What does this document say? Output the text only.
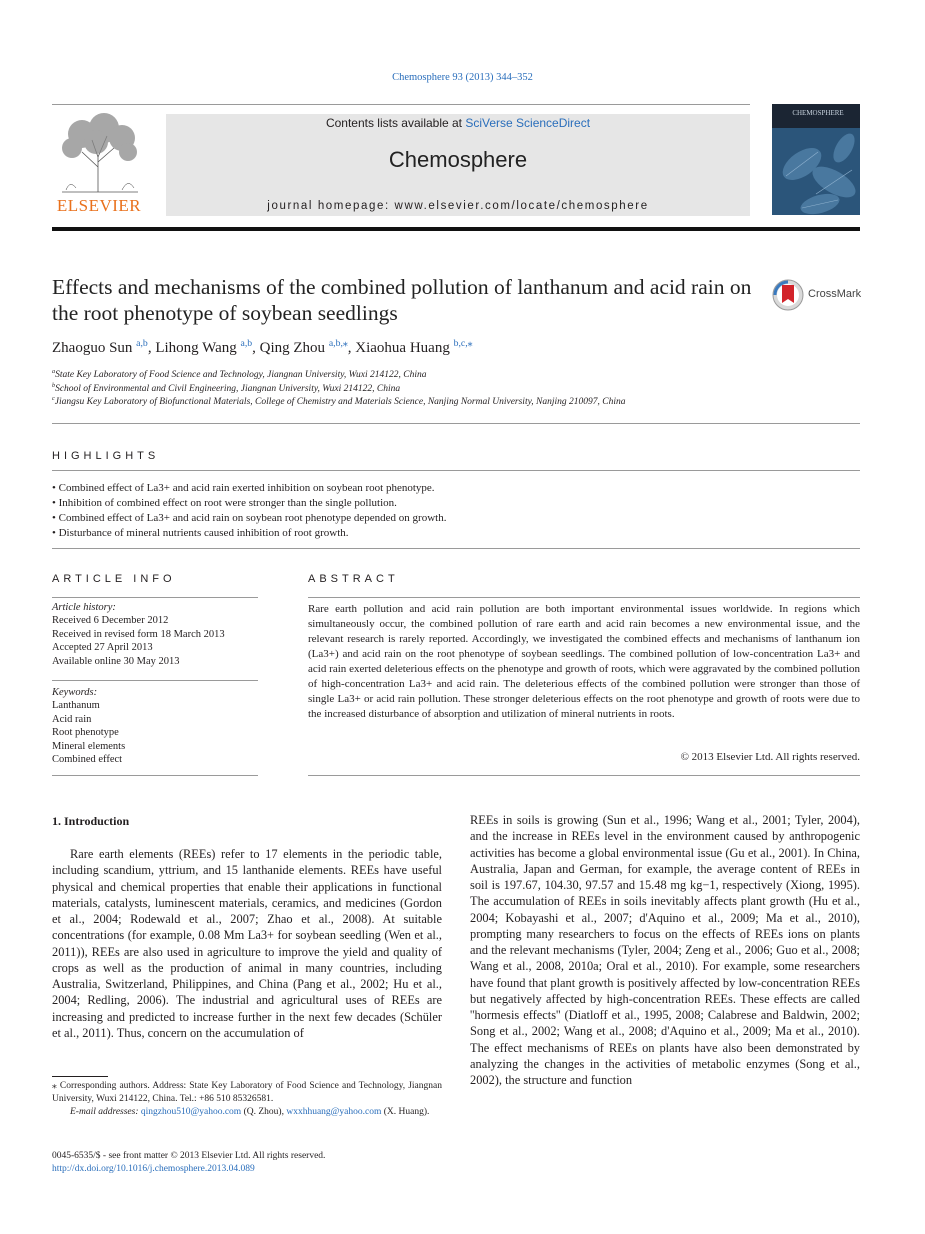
Chemosphere 93 (2013) 344–352
ELSEVIER
Contents lists available at SciVerse ScienceDirect
Chemosphere
journal homepage: www.elsevier.com/locate/chemosphere
CHEMOSPHERE
Effects and mechanisms of the combined pollution of lanthanum and acid rain on the root phenotype of soybean seedlings
CrossMark
Zhaoguo Sun $^{a,b}$, Lihong Wang $^{a,b}$, Qing Zhou $^{a,b,⁎}$, Xiaohua Huang $^{b,c,⁎}$
$^a$State Key Laboratory of Food Science and Technology, Jiangnan University, Wuxi 214122, China
$^b$School of Environmental and Civil Engineering, Jiangnan University, Wuxi 214122, China
$^c$Jiangsu Key Laboratory of Biofunctional Materials, College of Chemistry and Materials Science, Nanjing Normal University, Nanjing 210097, China
HIGHLIGHTS
• Combined effect of La3+ and acid rain exerted inhibition on soybean root phenotype.
• Inhibition of combined effect on root were stronger than the single pollution.
• Combined effect of La3+ and acid rain on soybean root phenotype depended on growth.
• Disturbance of mineral nutrients caused inhibition of root growth.
ARTICLE INFO
Article history:
Received 6 December 2012
Received in revised form 18 March 2013
Accepted 27 April 2013
Available online 30 May 2013
Keywords:
Lanthanum
Acid rain
Root phenotype
Mineral elements
Combined effect
ABSTRACT
Rare earth pollution and acid rain pollution are both important environmental issues worldwide. In regions which simultaneously occur, the combined pollution of rare earth and acid rain becomes a new environmental issue, and the relevant research is rarely reported. Accordingly, we investigated the combined effects and mechanisms of lanthanum ion (La3+) and acid rain on the root phenotype of soybean seedlings. The combined pollution of low-concentration La3+ and acid rain exerted deleterious effects on the phenotype and growth of roots, which were aggravated by the combined pollution of high-concentration La3+ and acid rain. The deleterious effects of the combined pollution were stronger than those of single La3+ or acid rain pollution. These stronger deleterious effects on the root phenotype and growth of roots were due to the increased disturbance of absorption and utilization of mineral nutrients in roots.
© 2013 Elsevier Ltd. All rights reserved.
1. Introduction
Rare earth elements (REEs) refer to 17 elements in the periodic table, including scandium, yttrium, and 15 lanthanide elements. REEs have useful physical and chemical properties that enable their applications in functional materials, catalysts, luminescent materials, ceramics, and medicines (Gordon et al., 2004; Rodewald et al., 2007; Zhao et al., 2008). At suitable concentrations (for example, 0.08 Mm La3+ for soybean seedling (Wen et al., 2011)), REEs are also used in agriculture to improve the yield and quality of crops as well as the production of animal in many countries, including Australia, Switzerland, Philippines, and China (Pang et al., 2002; Hu et al., 2004; Redling, 2006). The industrial and agricultural uses of REEs are increasing and predicted to increase further in the next few decades (Schüler et al., 2011). Thus, concern on the accumulation of
REEs in soils is growing (Sun et al., 1996; Wang et al., 2001; Tyler, 2004), and the increase in REEs level in the environment caused by anthropogenic activities has become a global environmental issue (Gu et al., 2001). In China, Australia, Japan and German, for example, the average content of REEs in soil is 197.67, 104.30, 97.57 and 15.48 mg kg−1, respectively (Xiong, 1995). The accumulation of REEs in soils inevitably affects plant growth (Hu et al., 2004; Kobayashi et al., 2007; d'Aquino et al., 2009; Ma et al., 2010), prompting many researchers to focus on the effects of REEs ions on plants and the relevant mechanisms (Tyler, 2004; Zeng et al., 2006; Guo et al., 2008; Wang et al., 2008, 2010a; Oral et al., 2010). For example, some researchers have found that plant growth is positively affected by low-concentration REEs but negatively affected by high-concentration REEs. These effects are called ''hormesis effects'' (Diatloff et al., 1995, 2008; Calabrese and Baldwin, 2002; Song et al., 2002; Wang et al., 2008; d'Aquino et al., 2009; Ma et al., 2010). The effect mechanisms of REEs on plants have also been demonstrated by analyzing the changes in the activities of metabolic enzymes (Song et al., 2002), the structure and function
⁎ Corresponding authors. Address: State Key Laboratory of Food Science and Technology, Jiangnan University, Wuxi 214122, China. Tel.: +86 510 85326581.
E-mail addresses: qingzhou510@yahoo.com (Q. Zhou), wxxhhuang@yahoo.com (X. Huang).
0045-6535/$ - see front matter © 2013 Elsevier Ltd. All rights reserved.
http://dx.doi.org/10.1016/j.chemosphere.2013.04.089
